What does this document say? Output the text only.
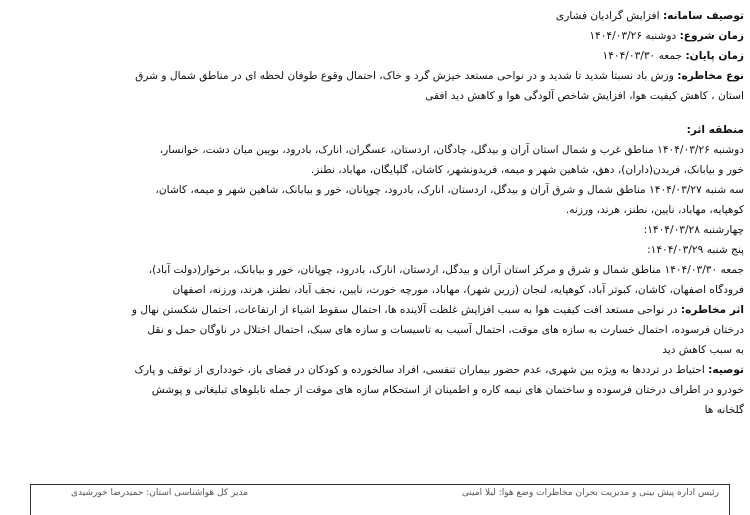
توصیف سامانه: افزایش گرادیان فشاری
زمان شروع: دوشنبه ۱۴۰۴/۰۳/۲۶
زمان پایان: جمعه ۱۴۰۴/۰۳/۳۰
نوع مخاطره: وزش باد نسبتا شدید تا شدید و در نواحی مستعد خیزش گرد و خاک، احتمال وقوع طوفان لحظه ای در مناطق شمال و شرق
استان ، کاهش کیفیت هوا، افزایش شاخص آلودگی هوا و کاهش دید افقی
منطقه اثر:
دوشنبه ۱۴۰۴/۰۳/۲۶ مناطق غرب و شمال استان آران و بیدگل، چادگان، اردستان، عسگران، انارک، بادرود، بویین میان دشت، خوانسار،
خور و بیابانک، فریدن(داران)، دهق، شاهین شهر و میمه، فریدونشهر، کاشان، گلپایگان، مهاباد، نطنز.
سه شنبه ۱۴۰۴/۰۳/۲۷ مناطق شمال و شرق آران و بیدگل، اردستان، انارک، بادرود، چوپانان، خور و بیابانک، شاهین شهر و میمه، کاشان،
کوهپایه، مهاباد، نایین، نطنز، هرند، ورزنه.
چهارشنبه ۱۴۰۴/۰۳/۲۸:
پنج شنبه ۱۴۰۴/۰۳/۲۹:
جمعه ۱۴۰۴/۰۳/۳۰ مناطق شمال و شرق و مرکز استان آران و بیدگل، اردستان، انارک، بادرود، چوپانان، خور و بیابانک، برخوار(دولت آباد)،
فرودگاه اصفهان، کاشان، کبوتر آباد، کوهپایه، لنجان (زرین شهر)، مهاباد، مورچه خورت، نایین، نجف آباد، نطنز، هرند، ورزنه، اصفهان
اثر مخاطره: در نواحی مستعد افت کیفیت هوا به سبب افزایش غلظت آلاینده ها، احتمال سقوط اشیاء از ارتفاعات، احتمال شکستن نهال و
درختان فرسوده، احتمال خسارت به سازه های موقت، احتمال آسیب به تاسیسات و سازه های سبک، احتمال اختلال در ناوگان حمل و نقل
به سبب کاهش دید
توصیه: احتیاط در ترددها به ویژه بین شهری، عدم حضور بیماران تنفسی، افراد سالخورده و کودکان در فضای باز، خودداری از توقف و پارک
خودرو در اطراف درختان فرسوده و ساختمان های نیمه کاره و اطمینان از استحکام سازه های موقت از جمله تابلوهای تبلیغاتی و پوشش
گلخانه ها
رئیس اداره پیش بینی و مدیریت بحران مخاطرات وضع هوا: لیلا امینی
مدیر کل هواشناسی استان: حمیدرضا خورشیدی
